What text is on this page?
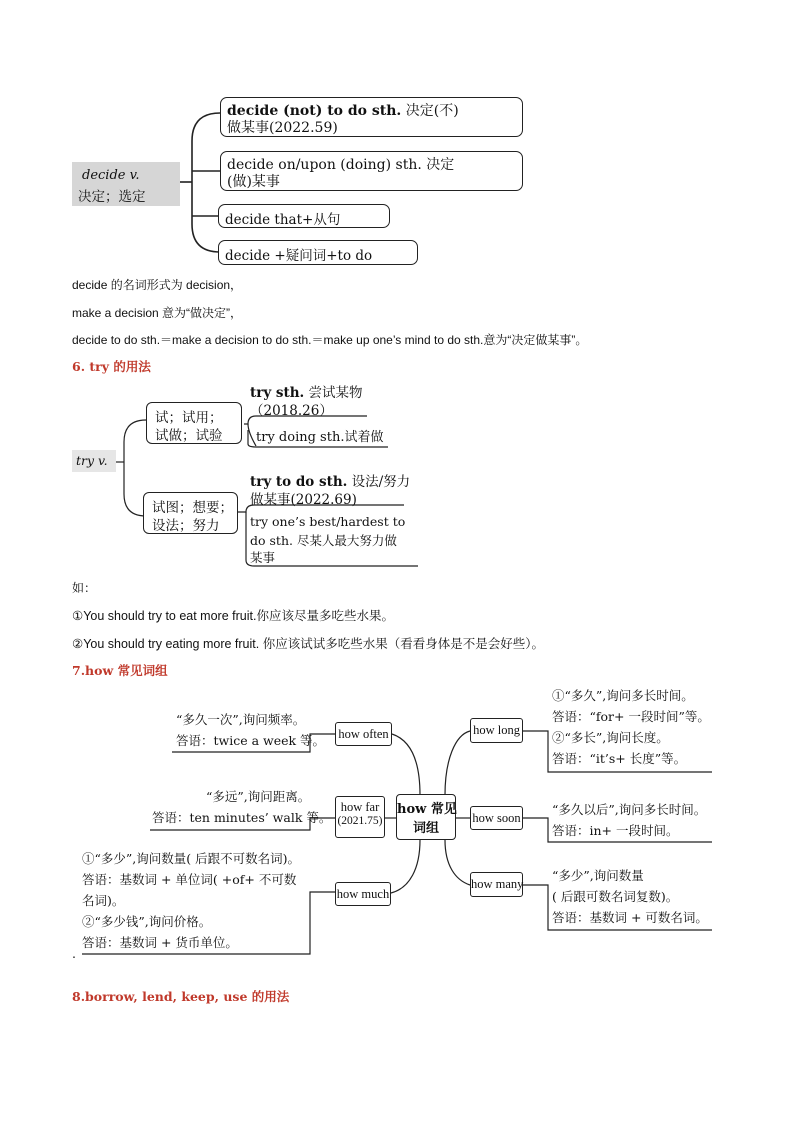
decide v.
决定；选定
decide (not) to do sth. 决定(不)
做某事(2022.59)
decide on/upon (doing) sth. 决定
(做)某事
decide that+从句
decide +疑问词+to do
decide 的名词形式为 decision，
make a decision 意为“做决定”，
decide to do sth.＝make a decision to do sth.＝make up one’s mind to do sth.意为“决定做某事”。
6. try 的用法
try v.
试；试用；
试做；试验
try sth. 尝试某物
（2018.26）
try doing sth.试着做
试图；想要；
设法；努力
try to do sth. 设法/努力
做某事(2022.69)
try one’s best/hardest to
do sth. 尽某人最大努力做
某事
如：
①You should try to eat more fruit.你应该尽量多吃些水果。
②You should try eating more fruit. 你应该试试多吃些水果（看看身体是不是会好些）。
7.how 常见词组
how 常见
词组
how often
how far
(2021.75)
how much
how long
how soon
how many
“多久一次”,询问频率。
答语：twice a week 等。
“多远”,询问距离。
答语：ten minutes’ walk 等。
①“多少”,询问数量( 后跟不可数名词)。
答语：基数词 + 单位词( +of+ 不可数
名词)。
②“多少钱”,询问价格。
答语：基数词 + 货币单位。
.
①“多久”,询问多长时间。
答语：“for+ 一段时间”等。
②“多长”,询问长度。
答语：“it’s+ 长度”等。
“多久以后”,询问多长时间。
答语：in+ 一段时间。
“多少”,询问数量
( 后跟可数名词复数)。
答语：基数词 + 可数名词。
8.borrow, lend, keep, use 的用法
